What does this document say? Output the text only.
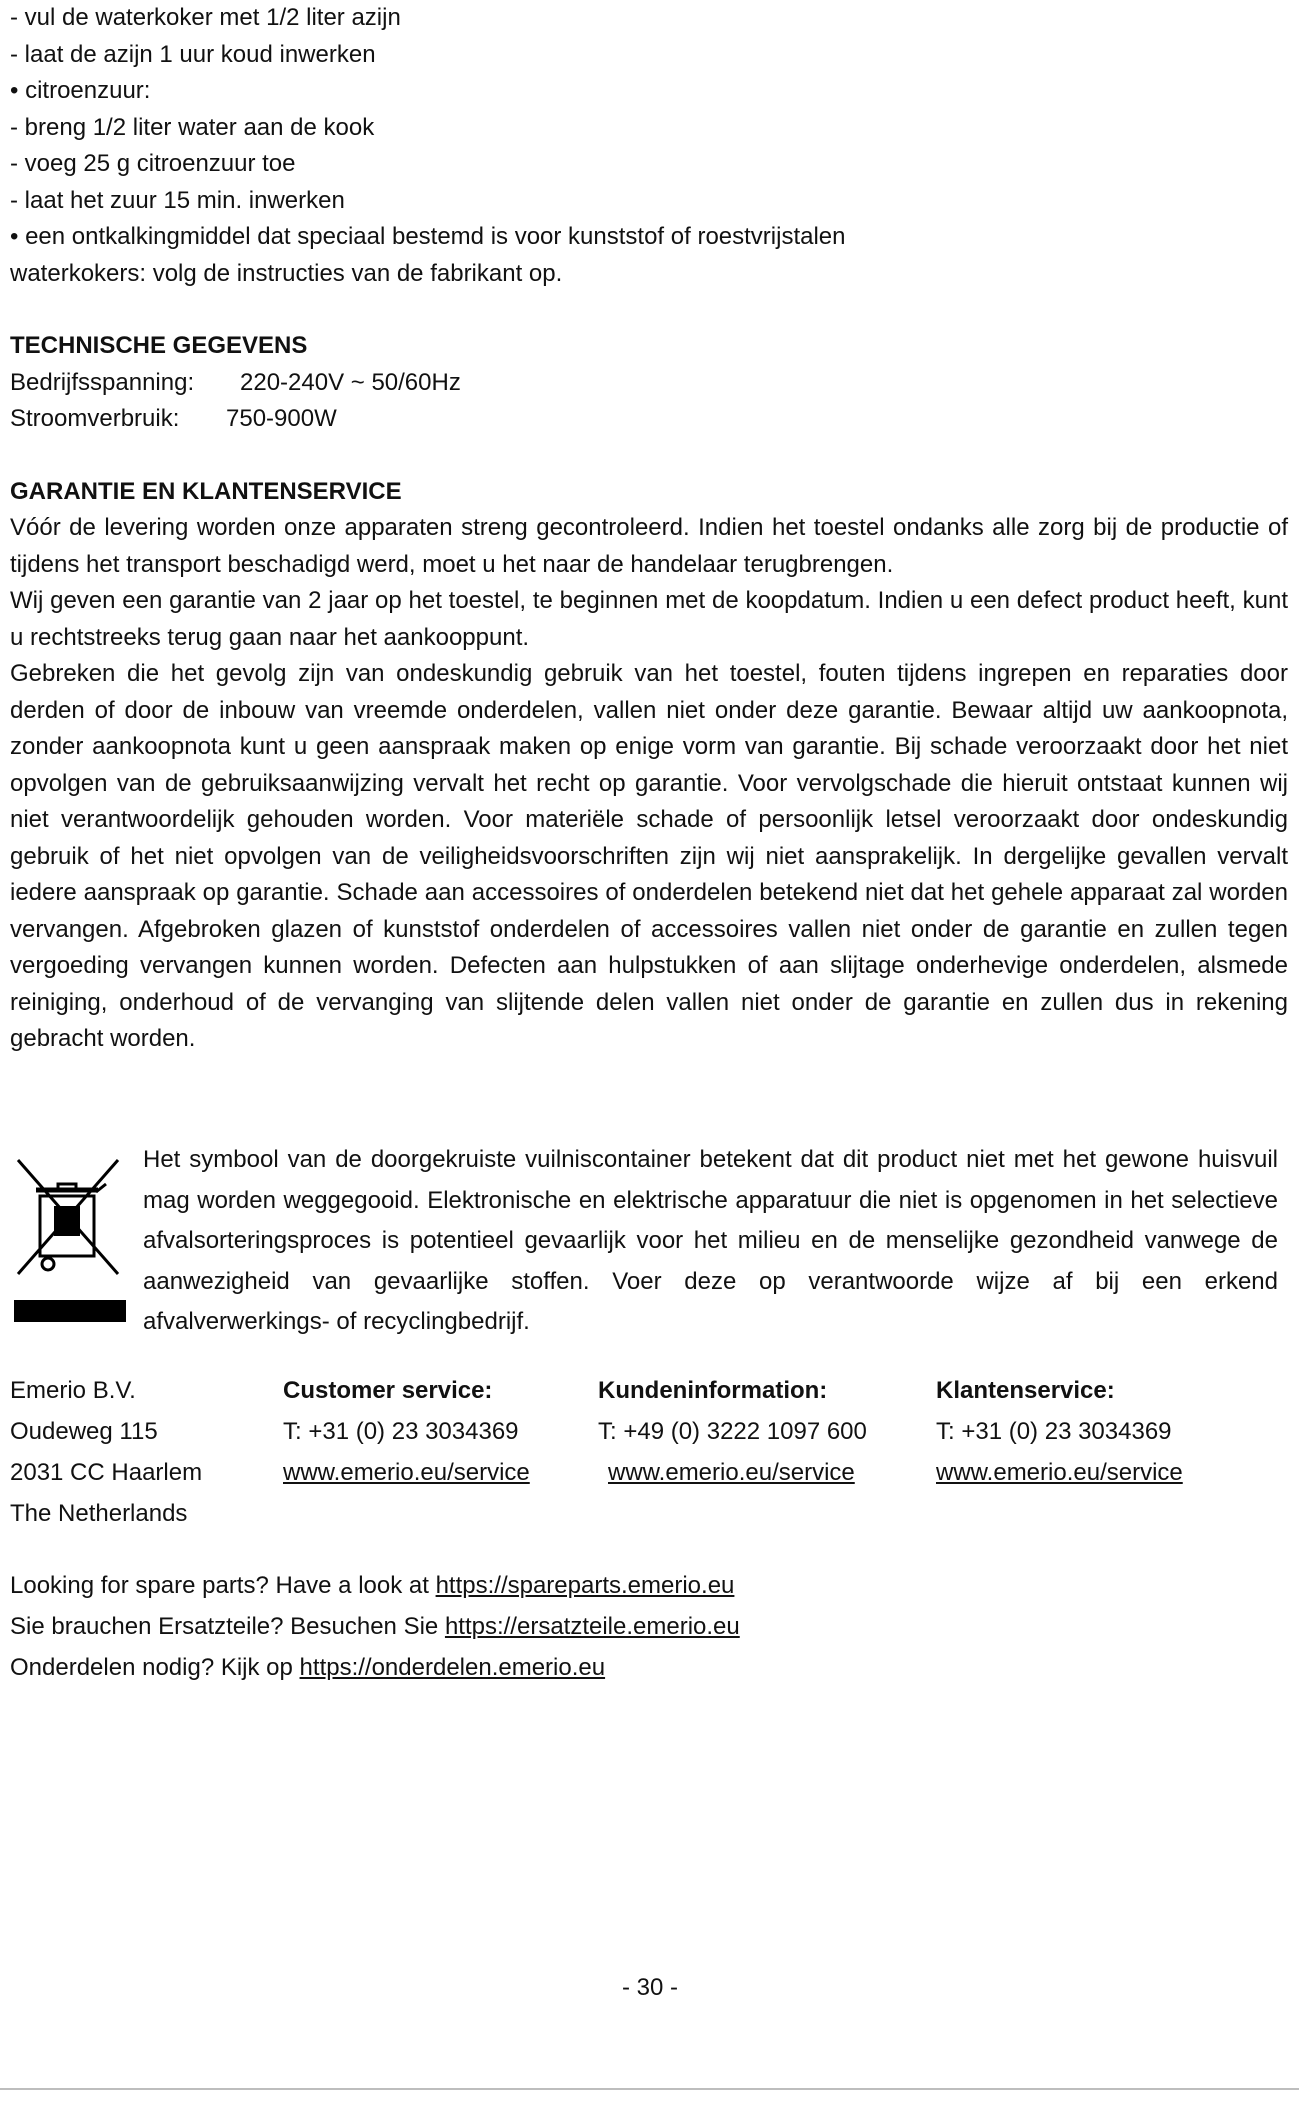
- vul de waterkoker met 1/2 liter azijn
- laat de azijn 1 uur koud inwerken
• citroenzuur:
- breng 1/2 liter water aan de kook
- voeg 25 g citroenzuur toe
- laat het zuur 15 min. inwerken
• een ontkalkingmiddel dat speciaal bestemd is voor kunststof of roestvrijstalen
waterkokers: volg de instructies van de fabrikant op.
TECHNISCHE GEGEVENS
Bedrijfsspanning: 220-240V ~ 50/60Hz
Stroomverbruik: 750-900W
GARANTIE EN KLANTENSERVICE

Vóór de levering worden onze apparaten streng gecontroleerd. Indien het toestel ondanks alle zorg bij de productie of tijdens het transport beschadigd werd, moet u het naar de handelaar terugbrengen.

Wij geven een garantie van 2 jaar op het toestel, te beginnen met de koopdatum. Indien u een defect product heeft, kunt u rechtstreeks terug gaan naar het aankooppunt.

Gebreken die het gevolg zijn van ondeskundig gebruik van het toestel, fouten tijdens ingrepen en reparaties door derden of door de inbouw van vreemde onderdelen, vallen niet onder deze garantie. Bewaar altijd uw aankoopnota, zonder aankoopnota kunt u geen aanspraak maken op enige vorm van garantie. Bij schade veroorzaakt door het niet opvolgen van de gebruiksaanwijzing vervalt het recht op garantie. Voor vervolgschade die hieruit ontstaat kunnen wij niet verantwoordelijk gehouden worden. Voor materiële schade of persoonlijk letsel veroorzaakt door ondeskundig gebruik of het niet opvolgen van de veiligheidsvoorschriften zijn wij niet aansprakelijk. In dergelijke gevallen vervalt iedere aanspraak op garantie. Schade aan accessoires of onderdelen betekend niet dat het gehele apparaat zal worden vervangen. Afgebroken glazen of kunststof onderdelen of accessoires vallen niet onder de garantie en zullen tegen vergoeding vervangen kunnen worden. Defecten aan hulpstukken of aan slijtage onderhevige onderdelen, alsmede reiniging, onderhoud of de vervanging van slijtende delen vallen niet onder de garantie en zullen dus in rekening gebracht worden.

Het symbool van de doorgekruiste vuilniscontainer betekent dat dit product niet met het gewone huisvuil mag worden weggegooid. Elektronische en elektrische apparatuur die niet is opgenomen in het selectieve afvalsorteringsproces is potentieel gevaarlijk voor het milieu en de menselijke gezondheid vanwege de aanwezigheid van gevaarlijke stoffen. Voer deze op verantwoorde wijze af bij een erkend afvalverwerkings- of recyclingbedrijf.
Emerio B.V.
Oudeweg 115
2031 CC Haarlem
The Netherlands
Customer service:
T: +31 (0) 23 3034369
www.emerio.eu/service
Kundeninformation:
T: +49 (0) 3222 1097 600
www.emerio.eu/service
Klantenservice:
T: +31 (0) 23 3034369
www.emerio.eu/service
Looking for spare parts? Have a look at https://spareparts.emerio.eu
Sie brauchen Ersatzteile? Besuchen Sie https://ersatzteile.emerio.eu
Onderdelen nodig? Kijk op https://onderdelen.emerio.eu
- 30 -
